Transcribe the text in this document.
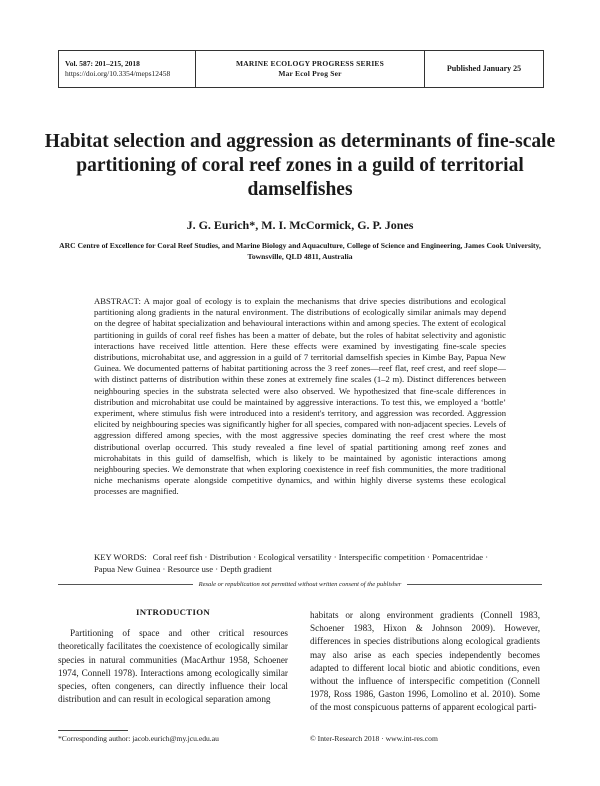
Vol. 587: 201–215, 2018
https://doi.org/10.3354/meps12458
MARINE ECOLOGY PROGRESS SERIES
Mar Ecol Prog Ser
Published January 25
Habitat selection and aggression as determinants of fine-scale partitioning of coral reef zones in a guild of territorial damselfishes
J. G. Eurich*, M. I. McCormick, G. P. Jones
ARC Centre of Excellence for Coral Reef Studies, and Marine Biology and Aquaculture, College of Science and Engineering, James Cook University, Townsville, QLD 4811, Australia
ABSTRACT: A major goal of ecology is to explain the mechanisms that drive species distributions and ecological partitioning along gradients in the natural environment. The distributions of ecologically similar animals may depend on the degree of habitat specialization and behavioural interactions within and among species. The extent of ecological partitioning in guilds of coral reef fishes has been a matter of debate, but the roles of habitat selectivity and agonistic interactions have received little attention. Here these effects were examined by investigating fine-scale species distributions, microhabitat use, and aggression in a guild of 7 territorial damselfish species in Kimbe Bay, Papua New Guinea. We documented patterns of habitat partitioning across the 3 reef zones—reef flat, reef crest, and reef slope—with distinct patterns of distribution within these zones at extremely fine scales (1–2 m). Distinct differences between neighbouring species in the substrata selected were also observed. We hypothesized that fine-scale differences in distribution and microhabitat use could be maintained by aggressive interactions. To test this, we employed a ‘bottle’ experiment, where stimulus fish were introduced into a resident's territory, and aggression was recorded. Aggression elicited by neighbouring species was significantly higher for all species, compared with non-adjacent species. Levels of aggression differed among species, with the most aggressive species dominating the reef crest where the most distributional overlap occurred. This study revealed a fine level of spatial partitioning among reef zones and microhabitats in this guild of damselfish, which is likely to be maintained by agonistic interactions among neighbouring species. We demonstrate that when exploring coexistence in reef fish communities, the more traditional niche mechanisms operate alongside competitive dynamics, and within highly diverse systems these ecological processes are magnified.
KEY WORDS: Coral reef fish · Distribution · Ecological versatility · Interspecific competition · Pomacentridae· Papua New Guinea · Resource use · Depth gradient
Resale or republication not permitted without written consent of the publisher
INTRODUCTION

Partitioning of space and other critical resources theoretically facilitates the coexistence of ecologically similar species in natural communities (MacArthur 1958, Schoener 1974, Connell 1978). Interactions among ecologically similar species, often congeners, can directly influence their local distribution and can result in ecological separation among

habitats or along environment gradients (Connell 1983, Schoener 1983, Hixon & Johnson 2009). However, differences in species distributions along ecological gradients may also arise as each species independently becomes adapted to different local biotic and abiotic conditions, even without the influence of interspecific competition (Connell 1978, Ross 1986, Gaston 1996, Lomolino et al. 2010). Some of the most conspicuous patterns of apparent ecological parti-

*Corresponding author: jacob.eurich@my.jcu.edu.au	© Inter-Research 2018 · www.int-res.com
